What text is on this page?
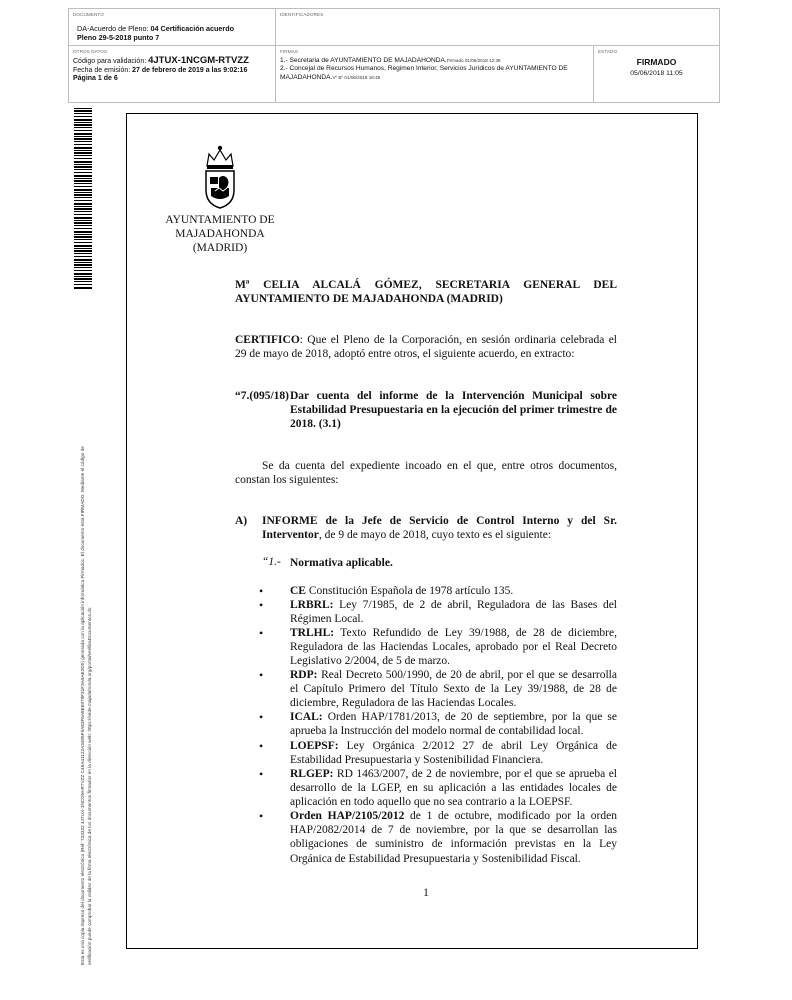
DOCUMENTO
DA-Acuerdo de Pleno: 04 Certificación acuerdo
Pleno 29-5-2018 punto 7
IDENTIFICADORES
OTROS DATOS
Código para validación: 4JTUX-1NCGM-RTVZZ
Fecha de emisión: 27 de febrero de 2019 a las 9:02:16
Página 1 de 6
FIRMAS
1.- Secretaria de AYUNTAMIENTO DE MAJADAHONDA.Firmado 01/06/2018 12:38
2.- Concejal de Recursos Humanos, Regimen Interior, Servicios Jurídicos de AYUNTAMIENTO DE MAJADAHONDA.Vº Bº 01/06/2018 18:48
ESTADO
FIRMADO
05/06/2018 11:05
Esta es una copia impresa del documento electrónico (Ref: 733322 4JTUX-1NCGM-RTVZZ C45A41122A3485F9A83F6A8E6979F31F3A9AE2D0) generada con la aplicación informática Firmadoc. El documento está FIRMADO. Mediante el código de verificación puede comprobar la validez de la firma electrónica de los documentos firmados en la dirección web: https://sede.majadahonda.org/portal/verificaDocumentos.do
AYUNTAMIENTO DE
MAJADAHONDA
(MADRID)
Mª CELIA ALCALÁ GÓMEZ, SECRETARIA GENERAL DEL
AYUNTAMIENTO DE MAJADAHONDA (MADRID)
CERTIFICO: Que el Pleno de la Corporación, en sesión ordinaria celebrada el
29 de mayo de 2018, adoptó entre otros, el siguiente acuerdo, en extracto:
“7.(095/18) Dar cuenta del informe de la Intervención Municipal sobre
Estabilidad Presupuestaria en la ejecución del primer trimestre de
2018. (3.1)
Se da cuenta del expediente incoado en el que, entre otros documentos,
constan los siguientes:
A)	INFORME de la Jefe de Servicio de Control Interno y del Sr.
Interventor, de 9 de mayo de 2018, cuyo texto es el siguiente:
“1.- Normativa aplicable.
• CE Constitución Española de 1978 artículo 135.
• LRBRL: Ley 7/1985, de 2 de abril, Reguladora de las Bases del
Régimen Local.
• TRLHL: Texto Refundido de Ley 39/1988, de 28 de diciembre,
Reguladora de las Haciendas Locales, aprobado por el Real Decreto
Legislativo 2/2004, de 5 de marzo.
• RDP: Real Decreto 500/1990, de 20 de abril, por el que se desarrolla
el Capítulo Primero del Título Sexto de la Ley 39/1988, de 28 de
diciembre, Reguladora de las Haciendas Locales.
• ICAL: Orden HAP/1781/2013, de 20 de septiembre, por la que se
aprueba la Instrucción del modelo normal de contabilidad local.
• LOEPSF: Ley Orgánica 2/2012 27 de abril Ley Orgánica de
Estabilidad Presupuestaria y Sostenibilidad Financiera.
• RLGEP: RD 1463/2007, de 2 de noviembre, por el que se aprueba el
desarrollo de la LGEP, en su aplicación a las entidades locales de
aplicación en todo aquello que no sea contrario a la LOEPSF.
• Orden HAP/2105/2012 de 1 de octubre, modificado por la orden
HAP/2082/2014 de 7 de noviembre, por la que se desarrollan las
obligaciones de suministro de información previstas en la Ley
Orgánica de Estabilidad Presupuestaria y Sostenibilidad Fiscal.
1
